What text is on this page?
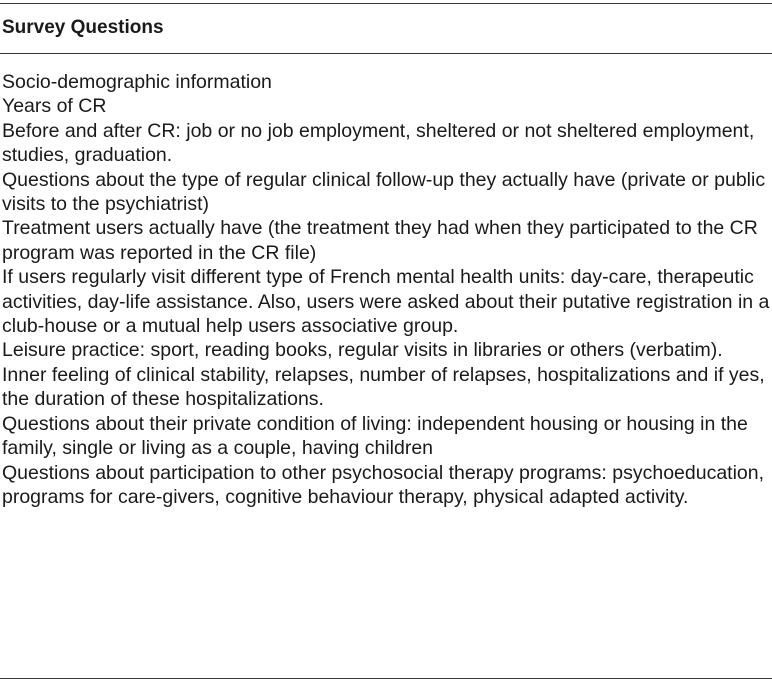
Survey Questions
Socio-demographic information
Years of CR
Before and after CR: job or no job employment, sheltered or not sheltered employment, studies, graduation.
Questions about the type of regular clinical follow-up they actually have (private or public visits to the psychiatrist)
Treatment users actually have (the treatment they had when they participated to the CR program was reported in the CR file)
If users regularly visit different type of French mental health units: day-care, therapeutic activities, day-life assistance. Also, users were asked about their putative registration in a club-house or a mutual help users associative group.
Leisure practice: sport, reading books, regular visits in libraries or others (verbatim).
Inner feeling of clinical stability, relapses, number of relapses, hospitalizations and if yes, the duration of these hospitalizations.
Questions about their private condition of living: independent housing or housing in the family, single or living as a couple, having children
Questions about participation to other psychosocial therapy programs: psychoeducation, programs for care-givers, cognitive behaviour therapy, physical adapted activity.
